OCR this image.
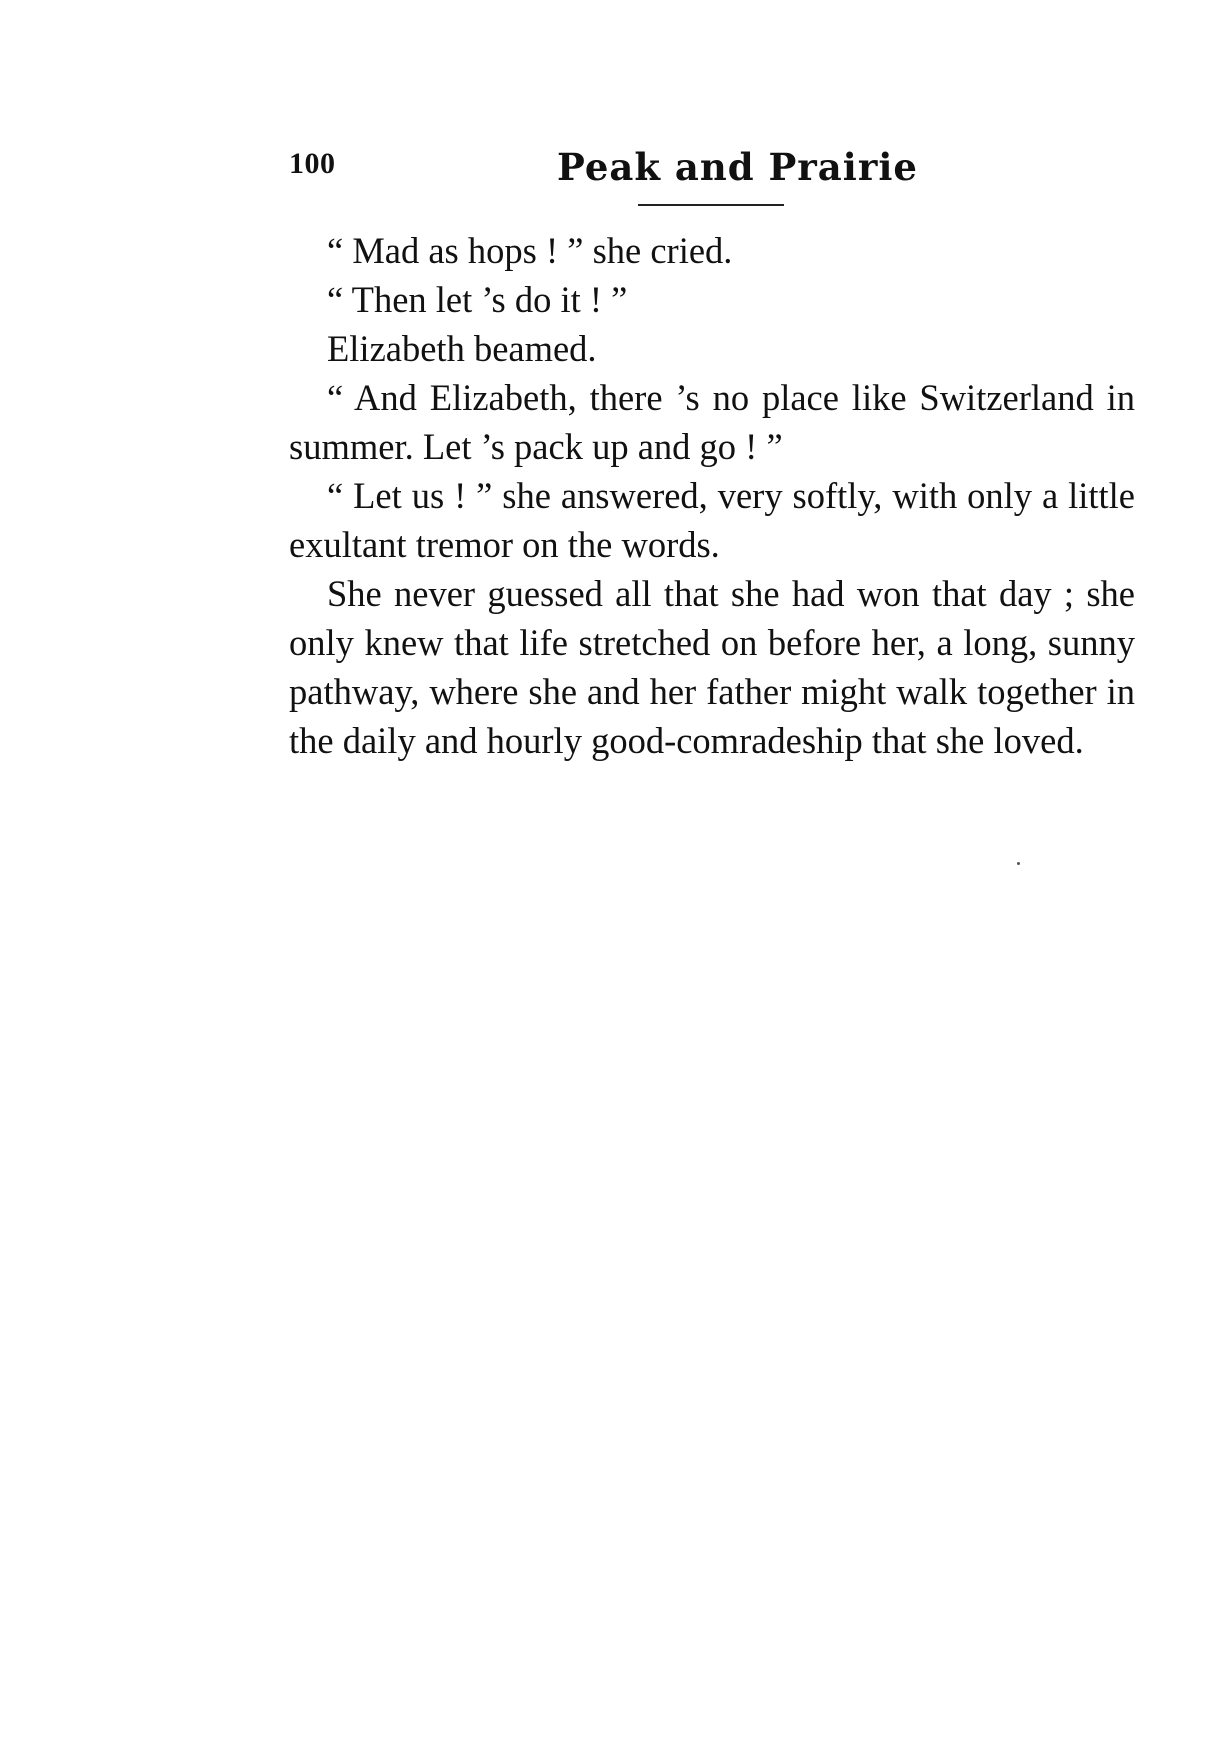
100	Peak and Prairie

“ Mad as hops ! ” she cried.

“ Then let ’s do it ! ”

Elizabeth beamed.

“ And Elizabeth, there ’s no place like Switzerland in summer. Let ’s pack up and go ! ”

“ Let us ! ” she answered, very softly, with only a little exultant tremor on the words.

She never guessed all that she had won that day ; she only knew that life stretched on before her, a long, sunny pathway, where she and her father might walk together in the daily and hourly good-comradeship that she loved.
